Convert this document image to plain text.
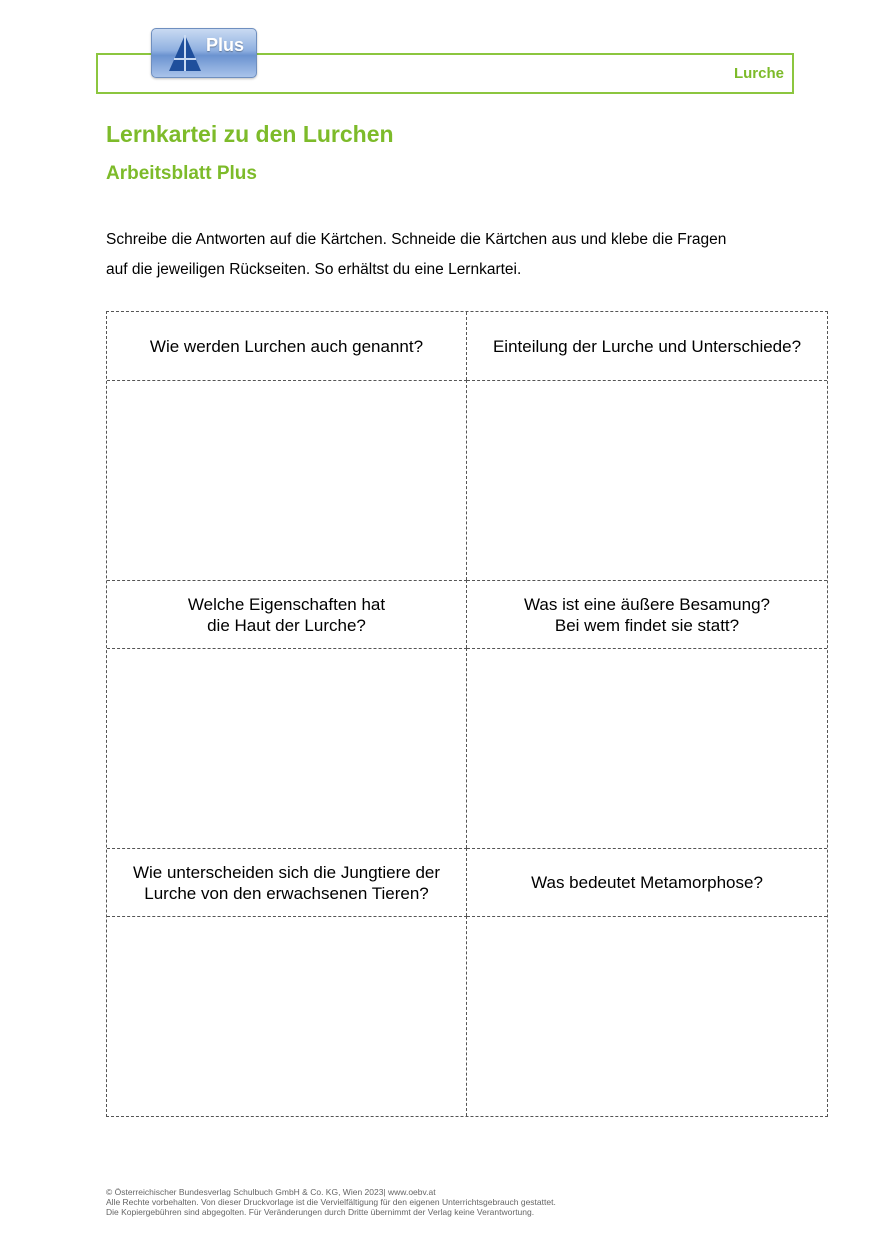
Lurche
Plus
Lernkartei zu den Lurchen
Arbeitsblatt Plus

Schreibe die Antworten auf die Kärtchen. Schneide die Kärtchen aus und klebe die Fragen

auf die jeweiligen Rückseiten. So erhältst du eine Lernkartei.

Wie werden Lurchen auch genannt?	Einteilung der Lurche und Unterschiede?
Welche Eigenschaften hat
die Haut der Lurche?
Was ist eine äußere Besamung?
Bei wem findet sie statt?
Wie unterscheiden sich die Jungtiere der
Lurche von den erwachsenen Tieren?
Was bedeutet Metamorphose?

© Österreichischer Bundesverlag Schulbuch GmbH & Co. KG, Wien 2023| www.oebv.at

Alle Rechte vorbehalten. Von dieser Druckvorlage ist die Vervielfältigung für den eigenen Unterrichtsgebrauch gestattet.

Die Kopiergebühren sind abgegolten. Für Veränderungen durch Dritte übernimmt der Verlag keine Verantwortung.
